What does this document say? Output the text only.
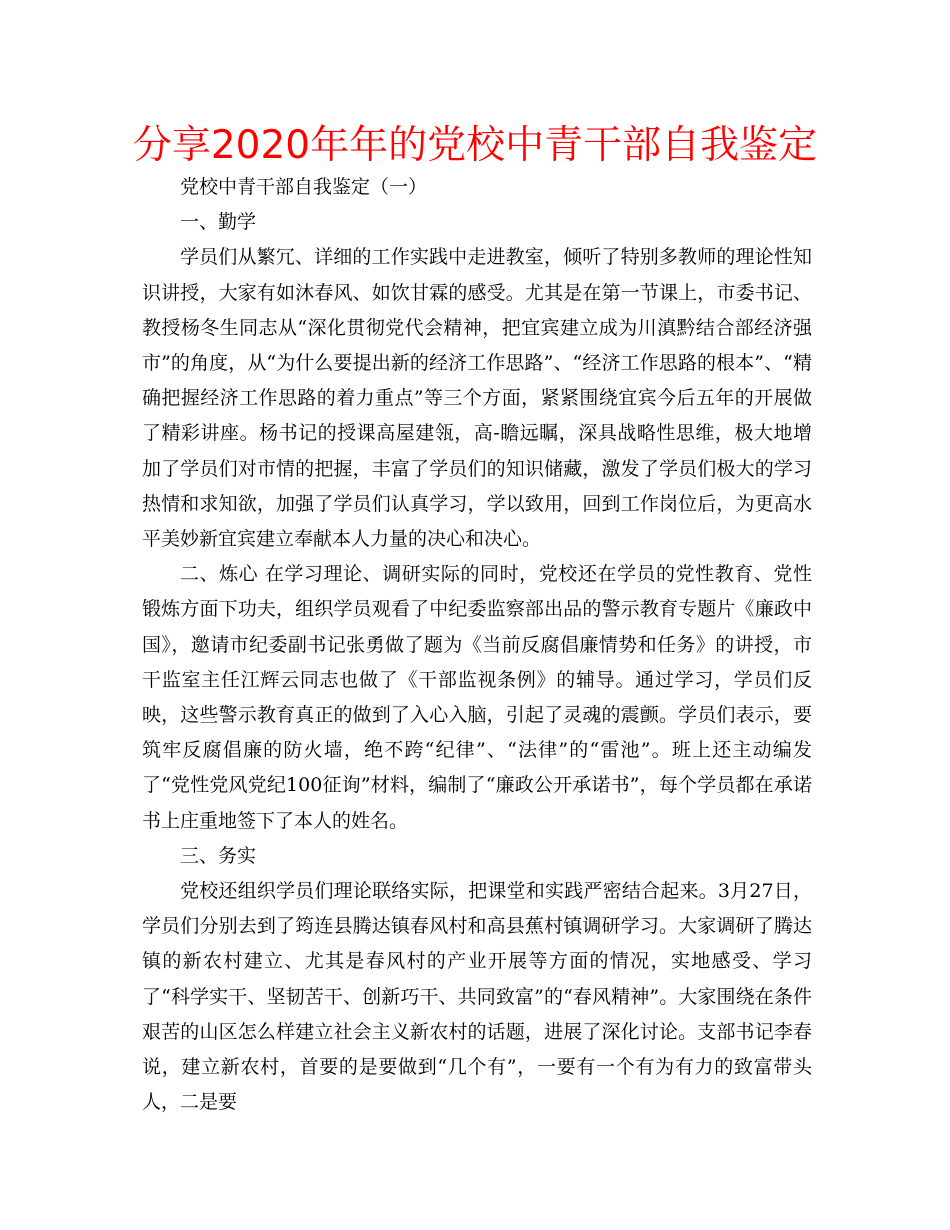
分享2020年年的党校中青干部自我鉴定

党校中青干部自我鉴定（一）

一、勤学

学员们从繁冗、详细的工作实践中走进教室，倾听了特别多教师的理论性知识讲授，大家有如沐春风、如饮甘霖的感受。尤其是在第一节课上，市委书记、教授杨冬生同志从“深化贯彻党代会精神，把宜宾建立成为川滇黔结合部经济强市”的角度，从“为什么要提出新的经济工作思路”、“经济工作思路的根本”、“精确把握经济工作思路的着力重点”等三个方面，紧紧围绕宜宾今后五年的开展做了精彩讲座。杨书记的授课高屋建瓴，高-瞻远瞩，深具战略性思维，极大地增加了学员们对市情的把握，丰富了学员们的知识储藏，激发了学员们极大的学习热情和求知欲，加强了学员们认真学习，学以致用，回到工作岗位后，为更高水平美妙新宜宾建立奉献本人力量的决心和决心。

二、炼心 在学习理论、调研实际的同时，党校还在学员的党性教育、党性锻炼方面下功夫，组织学员观看了中纪委监察部出品的警示教育专题片《廉政中国》，邀请市纪委副书记张勇做了题为《当前反腐倡廉情势和任务》的讲授，市干监室主任江辉云同志也做了《干部监视条例》的辅导。通过学习，学员们反映，这些警示教育真正的做到了入心入脑，引起了灵魂的震颤。学员们表示，要筑牢反腐倡廉的防火墙，绝不跨“纪律”、“法律”的“雷池”。班上还主动编发了“党性党风党纪100征询”材料，编制了“廉政公开承诺书”，每个学员都在承诺书上庄重地签下了本人的姓名。

三、务实

党校还组织学员们理论联络实际，把课堂和实践严密结合起来。3月27日，学员们分别去到了筠连县腾达镇春风村和高县蕉村镇调研学习。大家调研了腾达镇的新农村建立、尤其是春风村的产业开展等方面的情况，实地感受、学习了“科学实干、坚韧苦干、创新巧干、共同致富”的“春风精神”。大家围绕在条件艰苦的山区怎么样建立社会主义新农村的话题，进展了深化讨论。支部书记李春说，建立新农村，首要的是要做到“几个有”，一要有一个有为有力的致富带头人，二是要
